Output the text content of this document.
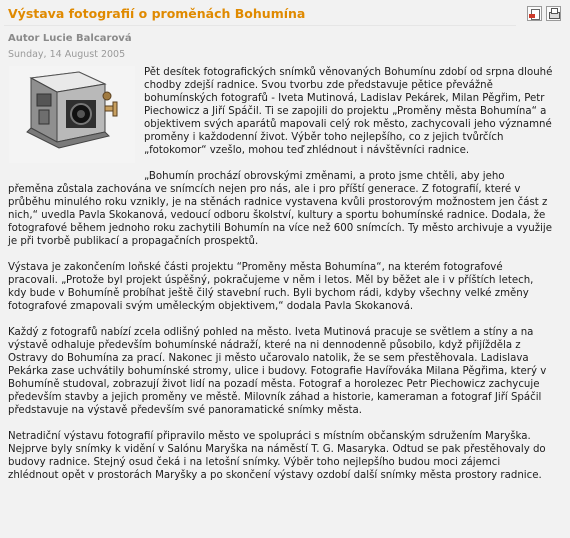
Výstava fotografií o proměnách Bohumína
Autor Lucie Balcarová
Sunday, 14 August 2005

Pět desítek fotografických snímků věnovaných Bohumínu zdobí od srpna dlouhé chodby zdejší radnice. Svou tvorbu zde představuje pětice převážně bohumínských fotografů - Iveta Mutinová, Ladislav Pekárek, Milan Pěgřim, Petr Piechowicz a Jiří Spáčil. Ti se zapojili do projektu „Proměny města Bohumína“ a objektivem svých aparátů mapovali celý rok město, zachycovali jeho významné proměny i každodenní život. Výběr toho nejlepšího, co z jejich tvůrčích „fotokomor“ vzešlo, mohou teď zhlédnout i návštěvníci radnice.

„Bohumín prochází obrovskými změnami, a proto jsme chtěli, aby jeho přeměna zůstala zachována ve snímcích nejen pro nás, ale i pro příští generace. Z fotografií, které v průběhu minulého roku vznikly, je na stěnách radnice vystavena kvůli prostorovým možnostem jen část z nich,“ uvedla Pavla Skokanová, vedoucí odboru školství, kultury a sportu bohumínské radnice. Dodala, že fotografové během jednoho roku zachytili Bohumín na více než 600 snímcích. Ty město archivuje a využije je při tvorbě publikací a propagačních prospektů.

Výstava je zakončením loňské části projektu “Proměny města Bohumína“, na kterém fotografové pracovali. „Protože byl projekt úspěšný, pokračujeme v něm i letos. Měl by běžet ale i v příštích letech, kdy bude v Bohumíně probíhat ještě čilý stavební ruch. Byli bychom rádi, kdyby všechny velké změny fotografové zmapovali svým uměleckým objektivem,“ dodala Pavla Skokanová.

Každý z fotografů nabízí zcela odlišný pohled na město. Iveta Mutinová pracuje se světlem a stíny a na výstavě odhaluje především bohumínské nádraží, které na ni dennodenně působilo, když přijížděla z Ostravy do Bohumína za prací. Nakonec ji město učarovalo natolik, že se sem přestěhovala. Ladislava Pekárka zase uchvátily bohumínské stromy, ulice i budovy. Fotografie Havířováka Milana Pěgřima, který v Bohumíně studoval, zobrazují život lidí na pozadí města. Fotograf a horolezec Petr Piechowicz zachycuje především stavby a jejich proměny ve městě. Milovník záhad a historie, kameraman a fotograf Jiří Spáčil představuje na výstavě především své panoramatické snímky města.

Netradiční výstavu fotografií připravilo město ve spolupráci s místním občanským sdružením Maryška. Nejprve byly snímky k vidění v Salónu Maryška na náměstí T. G. Masaryka. Odtud se pak přestěhovaly do budovy radnice. Stejný osud čeká i na letošní snímky. Výběr toho nejlepšího budou moci zájemci zhlédnout opět v prostorách Maryšky a po skončení výstavy ozdobí další snímky města prostory radnice.
